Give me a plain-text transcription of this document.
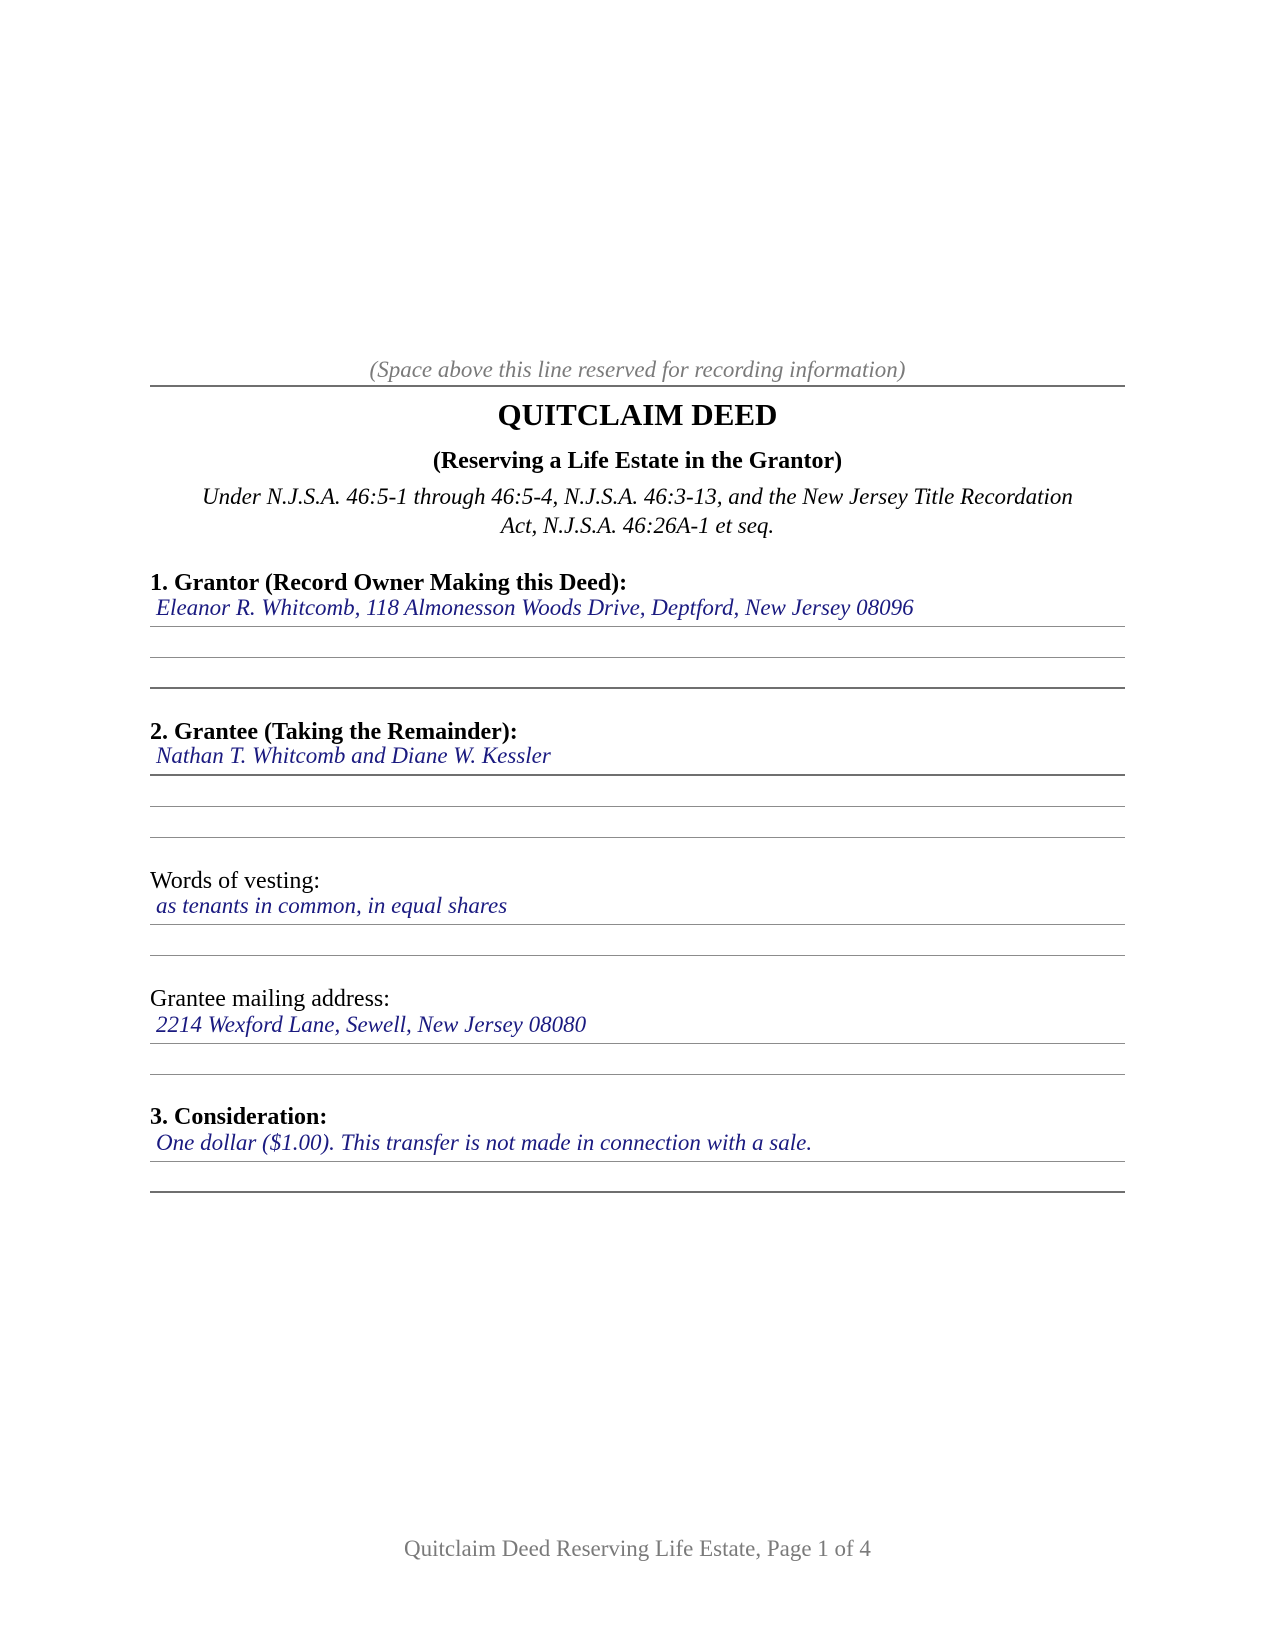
(Space above this line reserved for recording information)
QUITCLAIM DEED
(Reserving a Life Estate in the Grantor)
Under N.J.S.A. 46:5-1 through 46:5-4, N.J.S.A. 46:3-13, and the New Jersey Title Recordation
Act, N.J.S.A. 46:26A-1 et seq.
1. Grantor (Record Owner Making this Deed):
Eleanor R. Whitcomb, 118 Almonesson Woods Drive, Deptford, New Jersey 08096
2. Grantee (Taking the Remainder):
Nathan T. Whitcomb and Diane W. Kessler
Words of vesting:
as tenants in common, in equal shares
Grantee mailing address:
2214 Wexford Lane, Sewell, New Jersey 08080
3. Consideration:
One dollar ($1.00). This transfer is not made in connection with a sale.
Quitclaim Deed Reserving Life Estate, Page 1 of 4
